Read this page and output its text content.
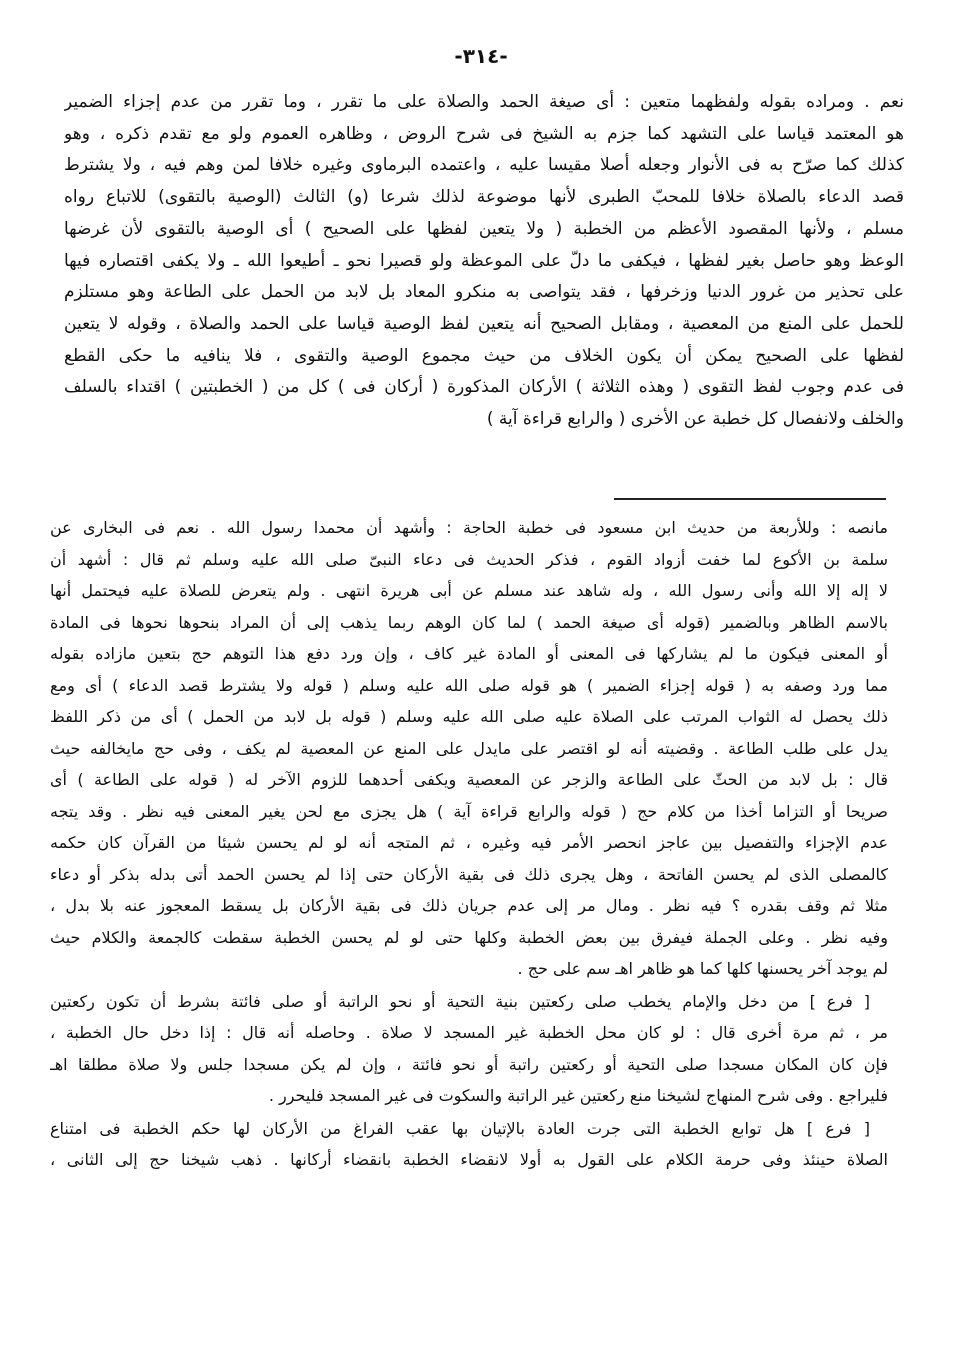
-٣١٤-
نعم . ومراده بقوله ولفظهما متعين : أى صيغة الحمد والصلاة على ما تقرر ، وما تقرر من عدم إجزاء الضمير
هو المعتمد قياسا على التشهد كما جزم به الشيخ فى شرح الروض ، وظاهره العموم ولو مع تقدم ذكره ، وهو
كذلك كما صرّح به فى الأنوار وجعله أصلا مقيسا عليه ، واعتمده البرماوى وغيره خلافا لمن وهم فيه ، ولا يشترط
قصد الدعاء بالصلاة خلافا للمحبّ الطبرى لأنها موضوعة لذلك شرعا (و) الثالث (الوصية بالتقوى) للاتباع رواه
مسلم ، ولأنها المقصود الأعظم من الخطبة ( ولا يتعين لفظها على الصحيح ) أى الوصية بالتقوى لأن غرضها
الوعظ وهو حاصل بغير لفظها ، فيكفى ما دلّ على الموعظة ولو قصيرا نحو ـ أطيعوا الله ـ ولا يكفى اقتصاره فيها
على تحذير من غرور الدنيا وزخرفها ، فقد يتواصى به منكرو المعاد بل لابد من الحمل على الطاعة وهو مستلزم
للحمل على المنع من المعصية ، ومقابل الصحيح أنه يتعين لفظ الوصية قياسا على الحمد والصلاة ، وقوله لا يتعين
لفظها على الصحيح يمكن أن يكون الخلاف من حيث مجموع الوصية والتقوى ، فلا ينافيه ما حكى القطع
فى عدم وجوب لفظ التقوى ( وهذه الثلاثة ) الأركان المذكورة ( أركان فى ) كل من ( الخطبتين ) اقتداء بالسلف
والخلف ولانفصال كل خطبة عن الأخرى ( والرابع قراءة آية )
مانصه : وللأربعة من حديث ابن مسعود فى خطبة الحاجة : وأشهد أن محمدا رسول الله . نعم فى البخارى عن
سلمة بن الأكوع لما خفت أزواد القوم ، فذكر الحديث فى دعاء النبىّ صلى الله عليه وسلم ثم قال : أشهد أن
لا إله إلا الله وأنى رسول الله ، وله شاهد عند مسلم عن أبى هريرة انتهى . ولم يتعرض للصلاة عليه فيحتمل أنها
بالاسم الظاهر وبالضمير (قوله أى صيغة الحمد ) لما كان الوهم ربما يذهب إلى أن المراد بنحوها نحوها فى المادة
أو المعنى فيكون ما لم يشاركها فى المعنى أو المادة غير كاف ، وإن ورد دفع هذا التوهم حج بتعين مازاده بقوله
مما ورد وصفه به ( قوله إجزاء الضمير ) هو قوله صلى الله عليه وسلم ( قوله ولا يشترط قصد الدعاء ) أى ومع
ذلك يحصل له الثواب المرتب على الصلاة عليه صلى الله عليه وسلم ( قوله بل لابد من الحمل ) أى من ذكر اللفظ
يدل على طلب الطاعة . وقضيته أنه لو اقتصر على مايدل على المنع عن المعصية لم يكف ، وفى حج مايخالفه حيث
قال : بل لابد من الحثّ على الطاعة والزجر عن المعصية ويكفى أحدهما للزوم الآخر له ( قوله على الطاعة ) أى
صريحا أو التزاما أخذا من كلام حج ( قوله والرابع قراءة آية ) هل يجزى مع لحن يغير المعنى فيه نظر . وقد يتجه
عدم الإجزاء والتفصيل بين عاجز انحصر الأمر فيه وغيره ، ثم المتجه أنه لو لم يحسن شيئا من القرآن كان حكمه
كالمصلى الذى لم يحسن الفاتحة ، وهل يجرى ذلك فى بقية الأركان حتى إذا لم يحسن الحمد أتى بدله بذكر أو دعاء
مثلا ثم وقف بقدره ؟ فيه نظر . ومال مر إلى عدم جريان ذلك فى بقية الأركان بل يسقط المعجوز عنه بلا بدل ،
وفيه نظر . وعلى الجملة فيفرق بين بعض الخطبة وكلها حتى لو لم يحسن الخطبة سقطت كالجمعة والكلام حيث
لم يوجد آخر يحسنها كلها كما هو ظاهر اهـ سم على حج .
[ فرع ] من دخل والإمام يخطب صلى ركعتين بنية التحية أو نحو الراتبة أو صلى فائتة بشرط أن تكون ركعتين
مر ، ثم مرة أخرى قال : لو كان محل الخطبة غير المسجد لا صلاة . وحاصله أنه قال : إذا دخل حال الخطبة ،
فإن كان المكان مسجدا صلى التحية أو ركعتين راتبة أو نحو فائتة ، وإن لم يكن مسجدا جلس ولا صلاة مطلقا اهـ
فليراجع . وفى شرح المنهاج لشيخنا منع ركعتين غير الراتبة والسكوت فى غير المسجد فليحرر .
[ فرع ] هل توابع الخطبة التى جرت العادة بالإتيان بها عقب الفراغ من الأركان لها حكم الخطبة فى امتناع
الصلاة حينئذ وفى حرمة الكلام على القول به أولا لانقضاء الخطبة بانقضاء أركانها . ذهب شيخنا حج إلى الثانى ،
